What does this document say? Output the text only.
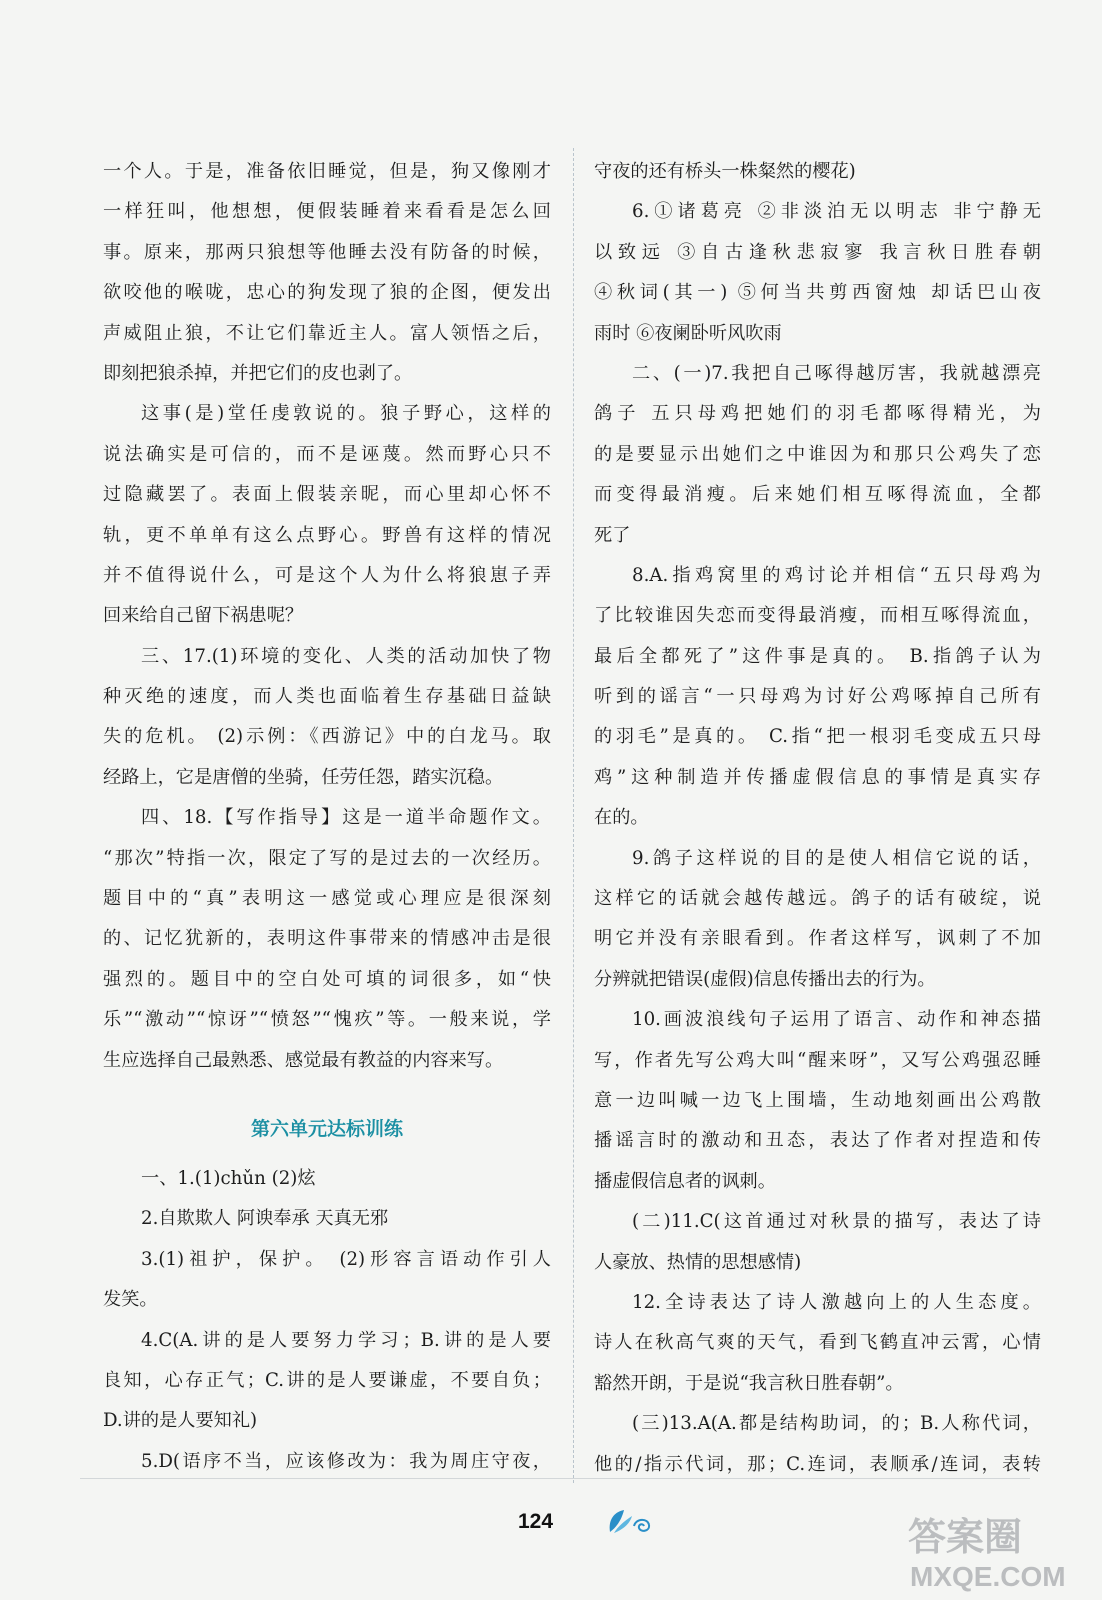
一个人。于是，准备依旧睡觉，但是，狗又像刚才
一样狂叫，他想想，便假装睡着来看看是怎么回
事。原来，那两只狼想等他睡去没有防备的时候，
欲咬他的喉咙，忠心的狗发现了狼的企图，便发出
声威阻止狼，不让它们靠近主人。富人领悟之后，
即刻把狼杀掉，并把它们的皮也剥了。
这事(是)堂任虔敦说的。狼子野心，这样的
说法确实是可信的，而不是诬蔑。然而野心只不
过隐藏罢了。表面上假装亲昵，而心里却心怀不
轨，更不单单有这么点野心。野兽有这样的情况
并不值得说什么，可是这个人为什么将狼崽子弄
回来给自己留下祸患呢？
三、17.(1)环境的变化、人类的活动加快了物
种灭绝的速度，而人类也面临着生存基础日益缺
失的危机。 (2)示例：《西游记》中的白龙马。取
经路上，它是唐僧的坐骑，任劳任怨，踏实沉稳。
四、18.【写作指导】这是一道半命题作文。
“那次”特指一次，限定了写的是过去的一次经历。
题目中的“真”表明这一感觉或心理应是很深刻
的、记忆犹新的，表明这件事带来的情感冲击是很
强烈的。题目中的空白处可填的词很多，如“快
乐”“激动”“惊讶”“愤怒”“愧疚”等。一般来说，学
生应选择自己最熟悉、感觉最有教益的内容来写。
第六单元达标训练
一、1.(1)chǔn (2)炫
2.自欺欺人 阿谀奉承 天真无邪
3.(1)祖护，保护。 (2)形容言语动作引人
发笑。
4.C(A.讲的是人要努力学习；B.讲的是人要
良知，心存正气；C.讲的是人要谦虚，不要自负；
D.讲的是人要知礼)
5.D(语序不当，应该修改为：我为周庄守夜，
守夜的还有桥头一株粲然的樱花)
6.①诸葛亮 ②非淡泊无以明志 非宁静无
以致远 ③自古逢秋悲寂寥 我言秋日胜春朝
④秋词(其一) ⑤何当共剪西窗烛 却话巴山夜
雨时 ⑥夜阑卧听风吹雨
二、(一)7.我把自己啄得越厉害，我就越漂亮
鸽子 五只母鸡把她们的羽毛都啄得精光，为
的是要显示出她们之中谁因为和那只公鸡失了恋
而变得最消瘦。后来她们相互啄得流血，全都
死了
8.A.指鸡窝里的鸡讨论并相信“五只母鸡为
了比较谁因失恋而变得最消瘦，而相互啄得流血，
最后全都死了”这件事是真的。 B.指鸽子认为
听到的谣言“一只母鸡为讨好公鸡啄掉自己所有
的羽毛”是真的。 C.指“把一根羽毛变成五只母
鸡”这种制造并传播虚假信息的事情是真实存
在的。
9.鸽子这样说的目的是使人相信它说的话，
这样它的话就会越传越远。鸽子的话有破绽，说
明它并没有亲眼看到。作者这样写，讽刺了不加
分辨就把错误(虚假)信息传播出去的行为。
10.画波浪线句子运用了语言、动作和神态描
写，作者先写公鸡大叫“醒来呀”，又写公鸡强忍睡
意一边叫喊一边飞上围墙，生动地刻画出公鸡散
播谣言时的激动和丑态，表达了作者对捏造和传
播虚假信息者的讽刺。
(二)11.C(这首通过对秋景的描写，表达了诗
人豪放、热情的思想感情)
12.全诗表达了诗人激越向上的人生态度。
诗人在秋高气爽的天气，看到飞鹤直冲云霄，心情
豁然开朗，于是说“我言秋日胜春朝”。
(三)13.A(A.都是结构助词，的；B.人称代词，
他的/指示代词，那；C.连词，表顺承/连词，表转
124	答案圈
MXQE.COM
